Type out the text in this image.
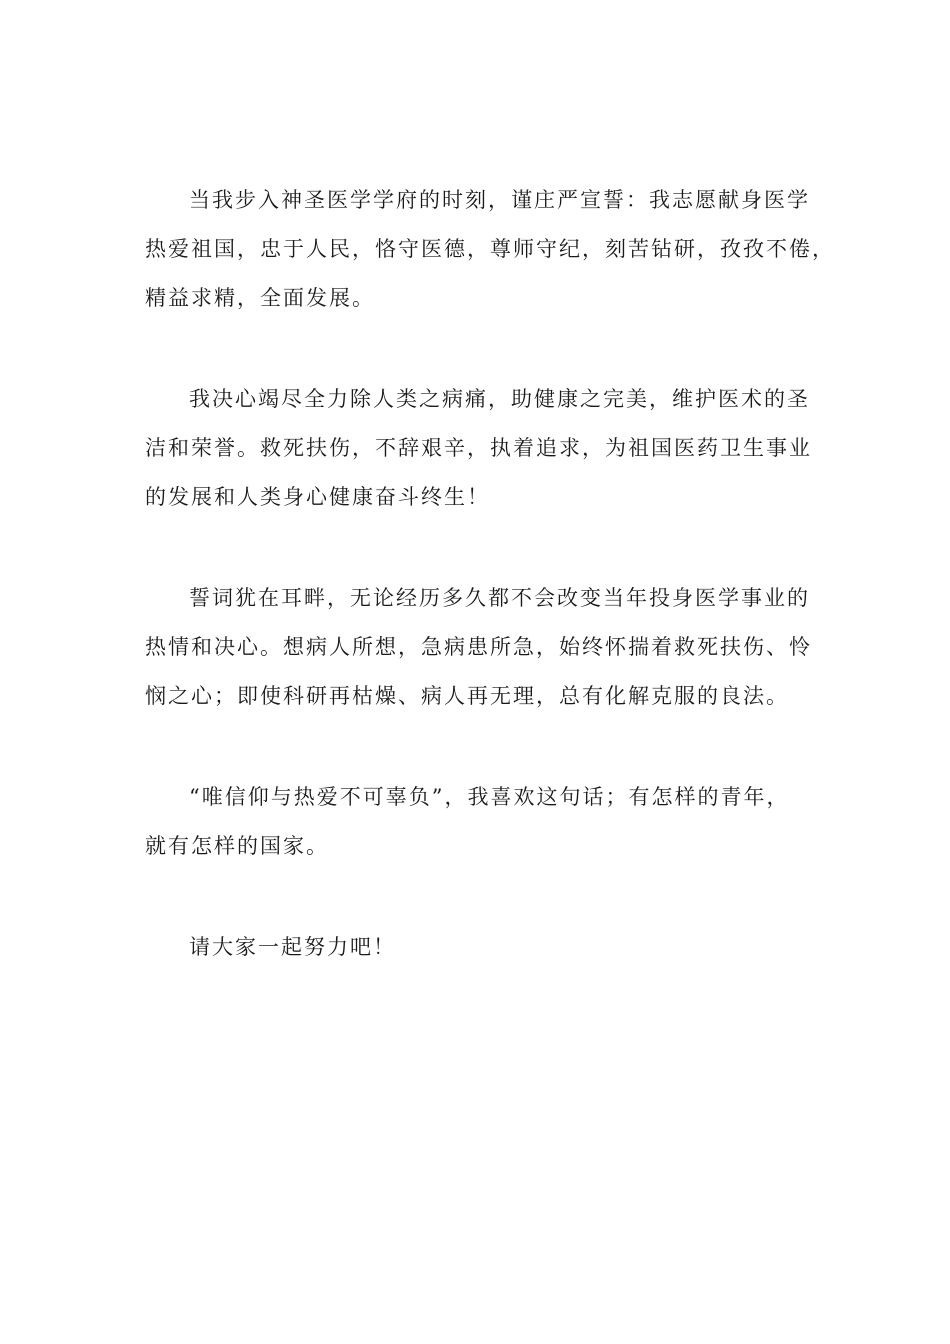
当我步入神圣医学学府的时刻，谨庄严宣誓：我志愿献身医学
热爱祖国，忠于人民，恪守医德，尊师守纪，刻苦钻研，孜孜不倦，
精益求精，全面发展。

我决心竭尽全力除人类之病痛，助健康之完美，维护医术的圣
洁和荣誉。救死扶伤，不辞艰辛，执着追求，为祖国医药卫生事业
的发展和人类身心健康奋斗终生！

誓词犹在耳畔，无论经历多久都不会改变当年投身医学事业的
热情和决心。想病人所想，急病患所急，始终怀揣着救死扶伤、怜
悯之心；即使科研再枯燥、病人再无理，总有化解克服的良法。

“唯信仰与热爱不可辜负”，我喜欢这句话；有怎样的青年，
就有怎样的国家。

请大家一起努力吧！
